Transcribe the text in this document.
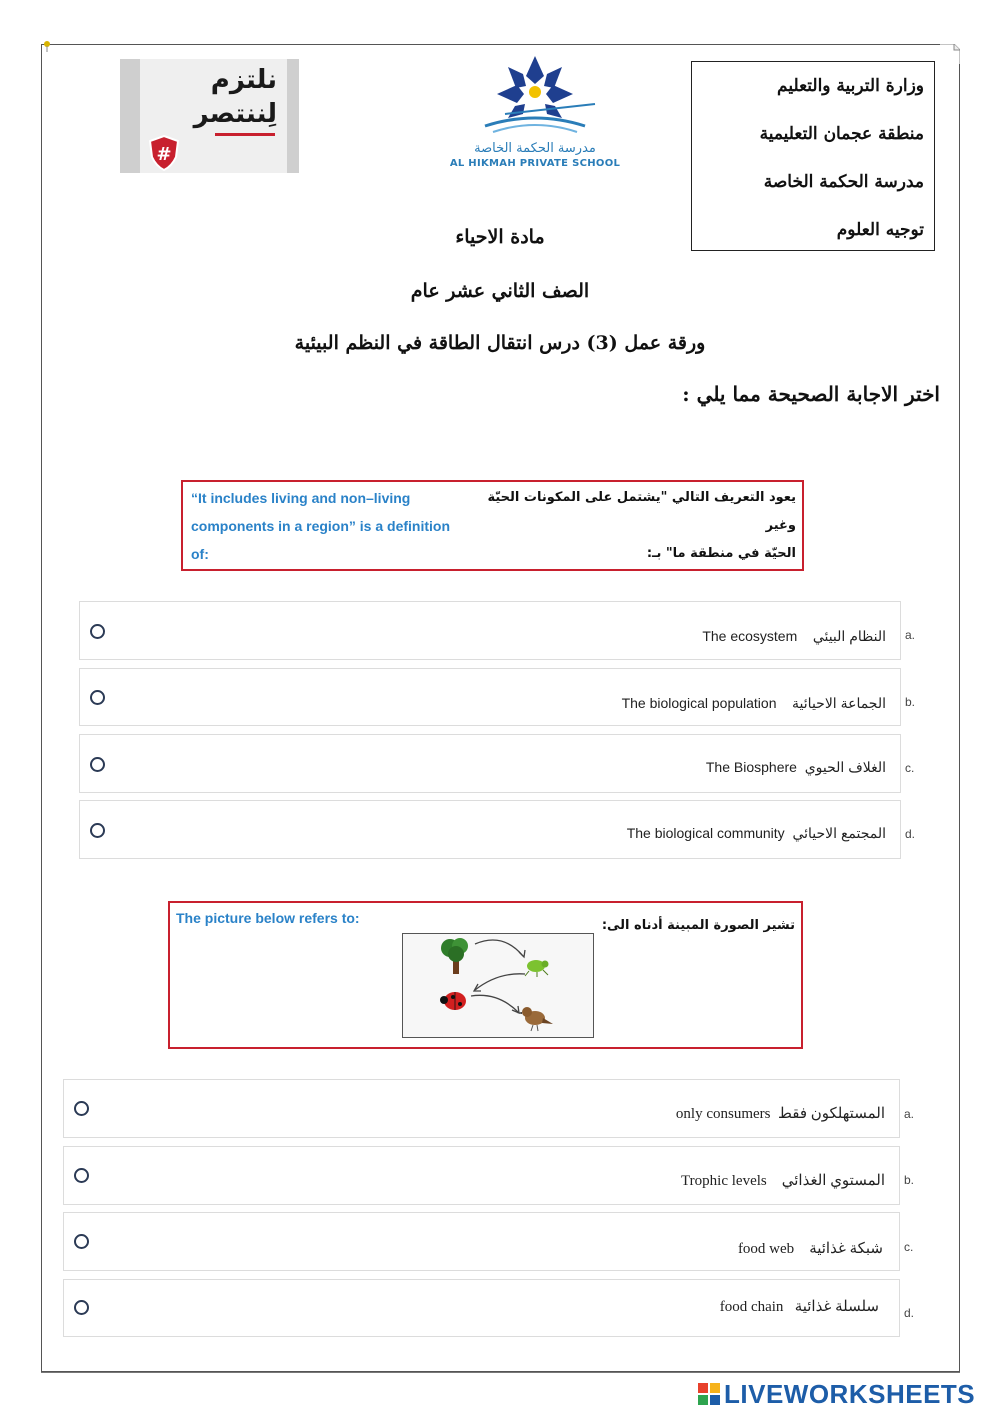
وزارة التربية والتعليم
منطقة عجمان التعليمية
مدرسة الحكمة الخاصة
توجيه العلوم
نلتزم
لِننتصر
#	مدرسة الحكمة الخاصة
AL HIKMAH PRIVATE SCHOOL
مادة الاحياء
الصف الثاني عشر عام
ورقة عمل (3) درس انتقال الطاقة في النظم البيئية
اختر الاجابة الصحيحة مما يلي :
“It includes living and non–living
components in a region” is a definition
of:
يعود التعريف التالي "يشتمل على المكونات الحيّة وغير
الحيّة في منطقة ما" بـ:
النظام البيئي    The ecosystem	a.
الجماعة الاحيائية    The biological population	b.
الغلاف الحيوي  The Biosphere	c.
المجتمع الاحيائي  The biological community	d.
The picture below refers to:	تشير الصورة المبينة أدناه الى:
المستهلكون فقط  only consumers	a.
المستوي الغذائي    Trophic levels	b.
شبكة غذائية    food web	c.
سلسلة غذائية   food chain	d.
LIVEWORKSHEETS
